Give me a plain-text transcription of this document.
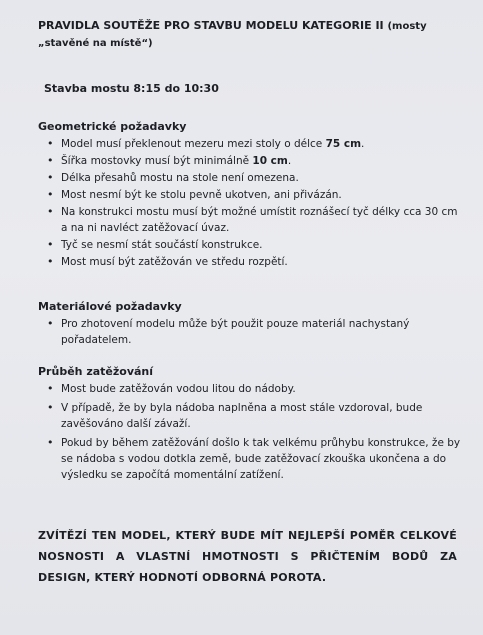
PRAVIDLA SOUTĚŽE PRO STAVBU MODELU KATEGORIE II (mosty „stavěné na místě“)

Stavba mostu 8:15 do 10:30

Geometrické požadavky

• Model musí překlenout mezeru mezi stoly o délce 75 cm.
• Šířka mostovky musí být minimálně 10 cm.
• Délka přesahů mostu na stole není omezena.
• Most nesmí být ke stolu pevně ukotven, ani přivázán.
• Na konstrukci mostu musí být možné umístit roznášecí tyč délky cca 30 cm a na ni navléct zatěžovací úvaz.
• Tyč se nesmí stát součástí konstrukce.
• Most musí být zatěžován ve středu rozpětí.

Materiálové požadavky

• Pro zhotovení modelu může být použit pouze materiál nachystaný pořadatelem.

Průběh zatěžování

• Most bude zatěžován vodou litou do nádoby.
• V případě, že by byla nádoba naplněna a most stále vzdoroval, bude zavěšováno další závaží.
• Pokud by během zatěžování došlo k tak velkému průhybu konstrukce, že by se nádoba s vodou dotkla země, bude zatěžovací zkouška ukončena a do výsledku se započítá momentální zatížení.
ZVÍTĚZÍ TEN MODEL, KTERÝ BUDE MÍT NEJLEPŠÍ POMĚR CELKOVÉ NOSNOSTI A VLASTNÍ HMOTNOSTI S PŘIČTENÍM BODŮ ZA DESIGN, KTERÝ HODNOTÍ ODBORNÁ POROTA.
